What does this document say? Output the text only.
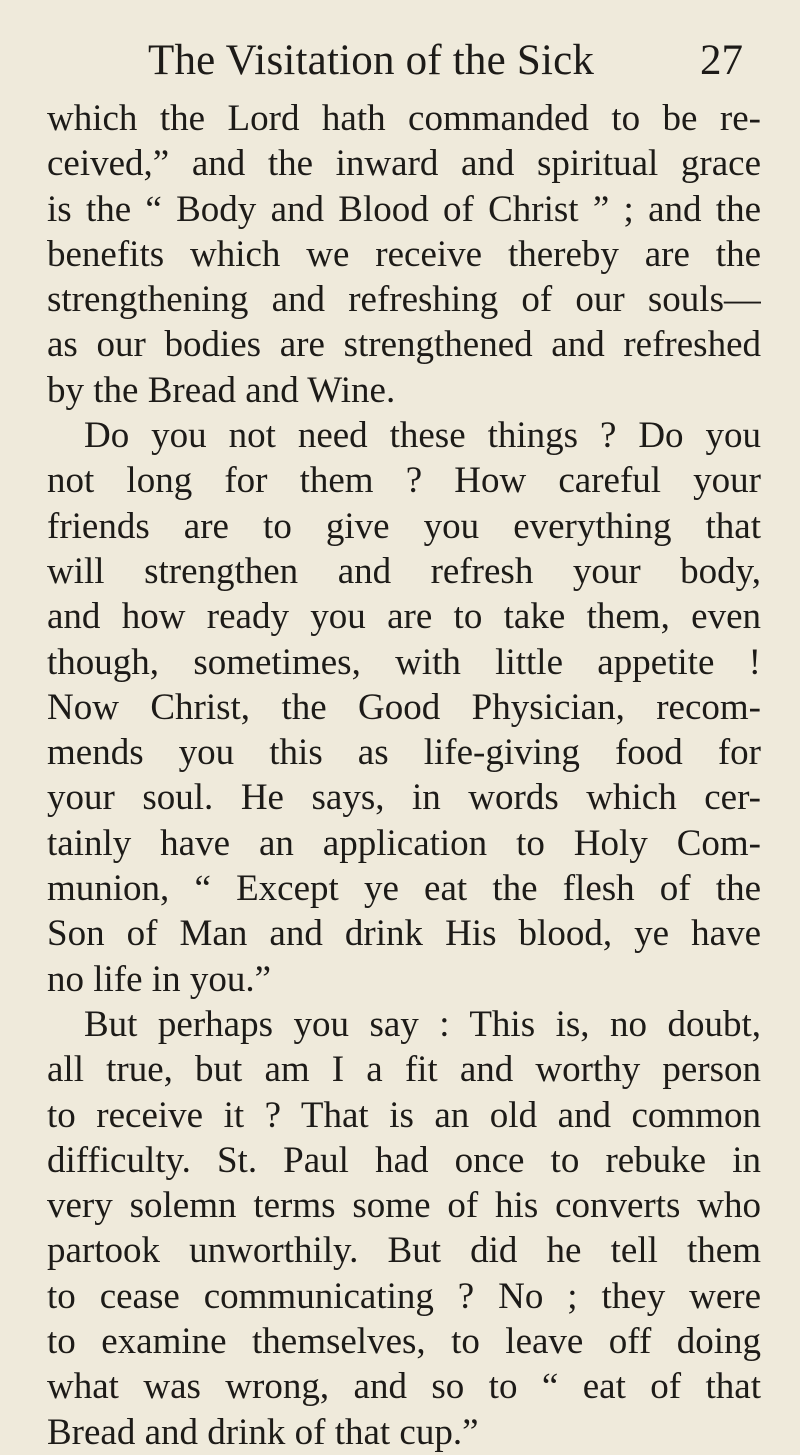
The Visitation of the Sick 27
which the Lord hath commanded to be re-
ceived,” and the inward and spiritual grace
is the “ Body and Blood of Christ ” ; and the
benefits which we receive thereby are the
strengthening and refreshing of our souls—
as our bodies are strengthened and refreshed
by the Bread and Wine.
Do you not need these things ? Do you
not long for them ? How careful your
friends are to give you everything that
will strengthen and refresh your body,
and how ready you are to take them, even
though, sometimes, with little appetite !
Now Christ, the Good Physician, recom-
mends you this as life-giving food for
your soul. He says, in words which cer-
tainly have an application to Holy Com-
munion, “ Except ye eat the flesh of the
Son of Man and drink His blood, ye have
no life in you.”
But perhaps you say : This is, no doubt,
all true, but am I a fit and worthy person
to receive it ? That is an old and common
difficulty. St. Paul had once to rebuke in
very solemn terms some of his converts who
partook unworthily. But did he tell them
to cease communicating ? No ; they were
to examine themselves, to leave off doing
what was wrong, and so to “ eat of that
Bread and drink of that cup.”
